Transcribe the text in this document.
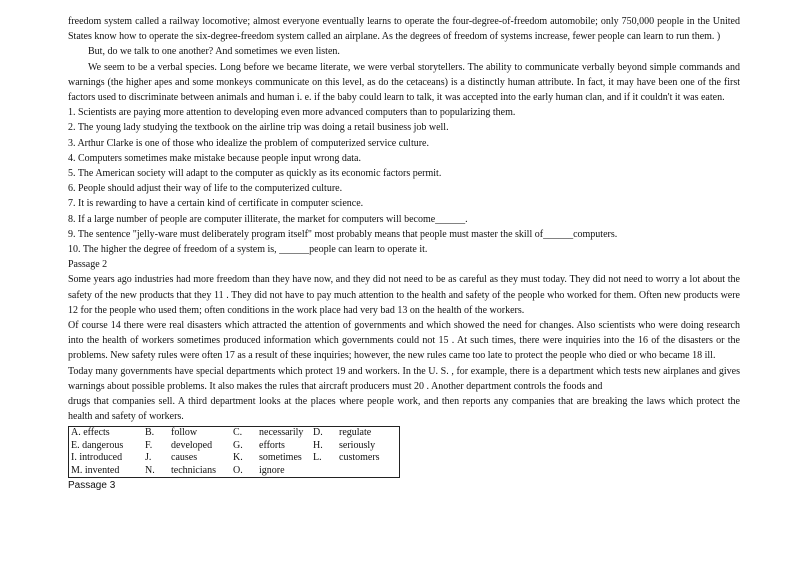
freedom system called a railway locomotive; almost everyone eventually learns to operate the four-degree-of-freedom automobile; only 750,000 people in the United States know how to operate the six-degree-freedom system called an airplane. As the degrees of freedom of systems increase, fewer people can learn to run them. )

But, do we talk to one another? And sometimes we even listen.

We seem to be a verbal species. Long before we became literate, we were verbal storytellers. The ability to communicate verbally beyond simple commands and warnings (the higher apes and some monkeys communicate on this level, as do the cetaceans) is a distinctly human attribute. In fact, it may have been one of the first factors used to discriminate between animals and human i. e. if the baby could learn to talk, it was accepted into the early human clan, and if it couldn't it was eaten.

1. Scientists are paying more attention to developing even more advanced computers than to popularizing them.

2. The young lady studying the textbook on the airline trip was doing a retail business job well.

3. Arthur Clarke is one of those who idealize the problem of computerized service culture.

4. Computers sometimes make mistake because people input wrong data.

5. The American society will adapt to the computer as quickly as its economic factors permit.

6. People should adjust their way of life to the computerized culture.

7. It is rewarding to have a certain kind of certificate in computer science.

8. If a large number of people are computer illiterate, the market for computers will become______.

9. The sentence "jelly-ware must deliberately program itself" most probably means that people must master the skill of______computers.

10. The higher the degree of freedom of a system is, ______people can learn to operate it.

Passage 2

Some years ago industries had more freedom than they have now, and they did not need to be as careful as they must today. They did not need to worry a lot about the safety of the new products that they 11 . They did not have to pay much attention to the health and safety of the people who worked for them. Often new products were 12 for the people who used them; often conditions in the work place had very bad 13 on the health of the workers.

Of course 14 there were real disasters which attracted the attention of governments and which showed the need for changes. Also scientists who were doing research into the health of workers sometimes produced information which governments could not 15 . At such times, there were inquiries into the 16 of the disasters or the problems. New safety rules were often 17 as a result of these inquiries; however, the new rules came too late to protect the people who died or who became 18 ill.

Today many governments have special departments which protect 19 and workers. In the U. S. , for example, there is a department which tests new airplanes and gives warnings about possible problems. It also makes the rules that aircraft producers must 20 . Another department controls the foods and

drugs that companies sell. A third department looks at the places where people work, and then reports any companies that are breaking the laws which protect the health and safety of workers.

A. effects	B.	follow	C.	necessarily	D.	regulate
E. dangerous	F.	developed	G.	efforts	H.	seriously
I. introduced	J.	causes	K.	sometimes	L.	customers
M. invented	N.	technicians	O.	ignore		

Passage 3
